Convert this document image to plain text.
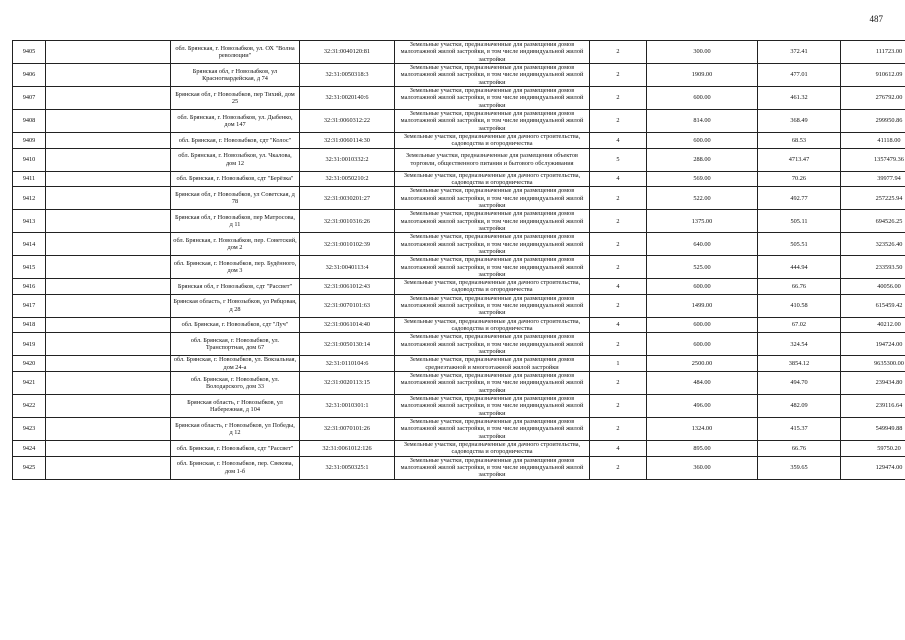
487
9405		обл. Брянская, г. Новозыбков, ул. ОХ "Волна революции"	32:31:0040120:81	Земельные участки, предназначенные для размещения домов малоэтажной жилой застройки, в том числе индивидуальной жилой застройки	2	300.00	372.41	111723.00
9406		Брянская обл, г Новозыбков, ул Красногвардейская, д 74	32:31:0050318:3	Земельные участки, предназначенные для размещения домов малоэтажной жилой застройки, в том числе индивидуальной жилой застройки	2	1909.00	477.01	910612.09
9407		Брянская обл, г Новозыбков, пер Тихий, дом 25	32:31:0020140:6	Земельные участки, предназначенные для размещения домов малоэтажной жилой застройки, в том числе индивидуальной жилой застройки	2	600.00	461.32	276792.00
9408		обл. Брянская, г. Новозыбков, ул. Дыбенко, дом 147	32:31:0060312:22	Земельные участки, предназначенные для размещения домов малоэтажной жилой застройки, в том числе индивидуальной жилой застройки	2	814.00	368.49	299950.86
9409		обл. Брянская, г. Новозыбков, сдт "Колос"	32:31:0060114:30	Земельные участки, предназначенные для дачного строительства, садоводства и огородничества	4	600.00	68.53	41118.00
9410		обл. Брянская, г. Новозыбков, ул. Чкалова, дом 12	32:31:0010332:2	Земельные участки, предназначенные для размещения объектов торговли, общественного питания и бытового обслуживания	5	288.00	4713.47	1357479.36
9411		обл. Брянская, г. Новозыбков, сдт "Берёзка"	32:31:0050210:2	Земельные участки, предназначенные для дачного строительства, садоводства и огородничества	4	569.00	70.26	39977.94
9412		Брянская обл, г Новозыбков, ул Советская, д 78	32:31:0030201:27	Земельные участки, предназначенные для размещения домов малоэтажной жилой застройки, в том числе индивидуальной жилой застройки	2	522.00	492.77	257225.94
9413		Брянская обл, г Новозыбков, пер Матросова, д 11	32:31:0010316:26	Земельные участки, предназначенные для размещения домов малоэтажной жилой застройки, в том числе индивидуальной жилой застройки	2	1375.00	505.11	694526.25
9414		обл. Брянская, г. Новозыбков, пер. Советский, дом 2	32:31:0010102:39	Земельные участки, предназначенные для размещения домов малоэтажной жилой застройки, в том числе индивидуальной жилой застройки	2	640.00	505.51	323526.40
9415		обл. Брянская, г. Новозыбков, пер. Будённого, дом 3	32:31:0040113:4	Земельные участки, предназначенные для размещения домов малоэтажной жилой застройки, в том числе индивидуальной жилой застройки	2	525.00	444.94	233593.50
9416		Брянская обл, г Новозыбков, сдт "Рассвет"	32:31:0061012:43	Земельные участки, предназначенные для дачного строительства, садоводства и огородничества	4	600.00	66.76	40056.00
9417		Брянская область, г Новозыбков, ул Рябцовая, д 28	32:31:0070101:63	Земельные участки, предназначенные для размещения домов малоэтажной жилой застройки, в том числе индивидуальной жилой застройки	2	1499.00	410.58	615459.42
9418		обл. Брянская, г. Новозыбков, сдт "Луч"	32:31:0061014:40	Земельные участки, предназначенные для дачного строительства, садоводства и огородничества	4	600.00	67.02	40212.00
9419		обл. Брянская, г. Новозыбков, ул. Транспортная, дом 67	32:31:0050130:14	Земельные участки, предназначенные для размещения домов малоэтажной жилой застройки, в том числе индивидуальной жилой застройки	2	600.00	324.54	194724.00
9420		обл. Брянская, г. Новозыбков, ул. Вокзальная, дом 24-а	32:31:0110104:6	Земельные участки, предназначенные для размещения домов среднеэтажной и многоэтажной жилой застройки	1	2500.00	3854.12	9635300.00
9421		обл. Брянская, г. Новозыбков, ул. Володарского, дом 33	32:31:0020113:15	Земельные участки, предназначенные для размещения домов малоэтажной жилой застройки, в том числе индивидуальной жилой застройки	2	484.00	494.70	239434.80
9422		Брянская область, г Новозыбков, ул Набережная, д 104	32:31:0010301:1	Земельные участки, предназначенные для размещения домов малоэтажной жилой застройки, в том числе индивидуальной жилой застройки	2	496.00	482.09	239116.64
9423		Брянская область, г Новозыбков, ул Победы, д 12	32:31:0070101:26	Земельные участки, предназначенные для размещения домов малоэтажной жилой застройки, в том числе индивидуальной жилой застройки	2	1324.00	415.37	549949.88
9424		обл. Брянская, г. Новозыбков, сдт "Рассвет"	32:31:0061012:126	Земельные участки, предназначенные для дачного строительства, садоводства и огородничества	4	895.00	66.76	59750.20
9425		обл. Брянская, г. Новозыбков, пер. Свекова, дом 1-б	32:31:0050325:1	Земельные участки, предназначенные для размещения домов малоэтажной жилой застройки, в том числе индивидуальной жилой застройки	2	360.00	359.65	129474.00
